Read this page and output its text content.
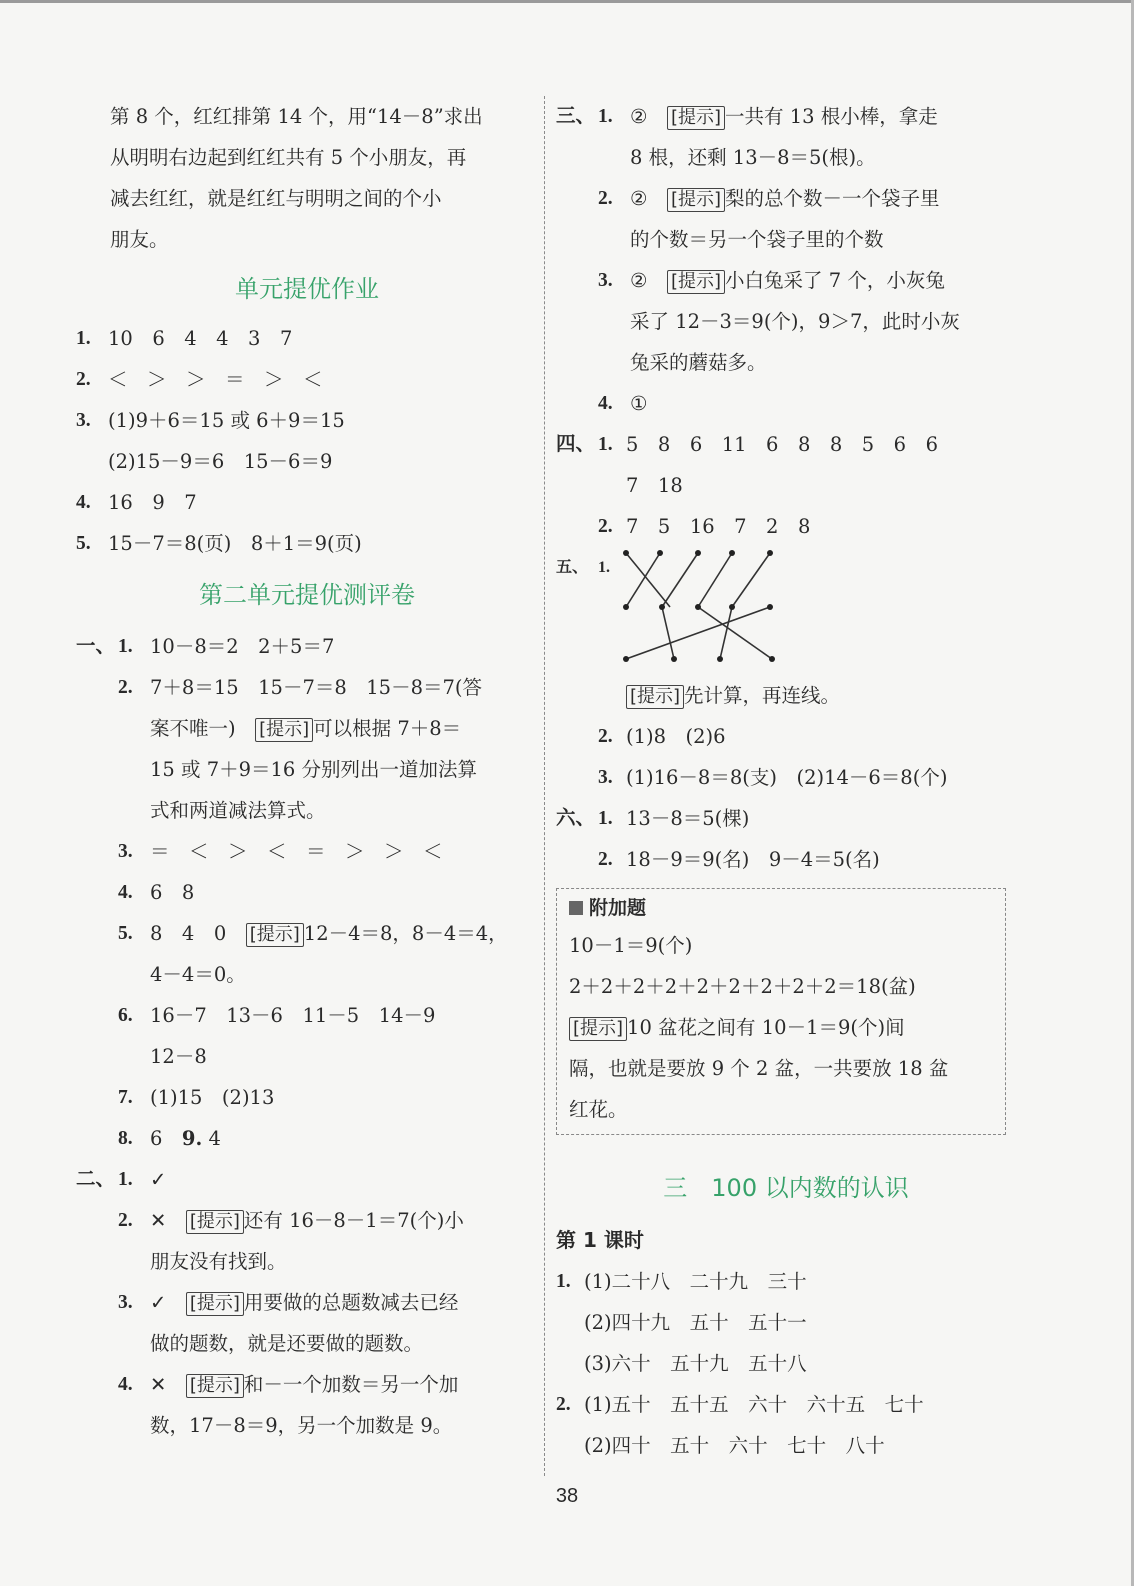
第 8 个，红红排第 14 个，用“14－8”求出
从明明右边起到红红共有 5 个小朋友，再
减去红红，就是红红与明明之间的个小
朋友。
单元提优作业
1. 10　6　4　4　3　7
2. ＜　＞　＞　＝　＞　＜
3. (1)9＋6＝15 或 6＋9＝15
(2)15－9＝6　15－6＝9
4. 16　9　7
5. 15－7＝8(页)　8＋1＝9(页)
第二单元提优测评卷
一、 1. 10－8＝2　2＋5＝7
2. 7＋8＝15　15－7＝8　15－8＝7(答
案不唯一)　[提示] 可以根据 7＋8＝
15 或 7＋9＝16 分别列出一道加法算
式和两道减法算式。
3. ＝　＜　＞　＜　＝　＞　＞　＜
4. 6　8
5. 8　4　0　[提示] 12－4＝8，8－4＝4，
4－4＝0。
6. 16－7　13－6　11－5　14－9
12－8
7. (1)15　(2)13
8. 6　9. 4
二、 1. ✓
2. ✕　[提示] 还有 16－8－1＝7(个)小
朋友没有找到。
3. ✓　[提示] 用要做的总题数减去已经
做的题数，就是还要做的题数。
4. ✕　[提示] 和－一个加数＝另一个加
数，17－8＝9，另一个加数是 9。
三、 1. ②　[提示] 一共有 13 根小棒，拿走
8 根，还剩 13－8＝5(根)。
2. ②　[提示] 梨的总个数－一个袋子里
的个数＝另一个袋子里的个数
3. ②　[提示] 小白兔采了 7 个，小灰兔
采了 12－3＝9(个)，9＞7，此时小灰
兔采的蘑菇多。
4. ①
四、 1. 5　8　6　11　6　8　8　5　6　6
7　18
2. 7　5　16　7　2　8
五、 1.
[提示] 先计算，再连线。
2. (1)8　(2)6
3. (1)16－8＝8(支)　(2)14－6＝8(个)
六、 1. 13－8＝5(棵)
2. 18－9＝9(名)　9－4＝5(名)
附加题
10－1＝9(个)
2＋2＋2＋2＋2＋2＋2＋2＋2＝18(盆)
[提示] 10 盆花之间有 10－1＝9(个)间
隔，也就是要放 9 个 2 盆，一共要放 18 盆
红花。
三　100 以内数的认识
第 1 课时
1. (1)二十八　二十九　三十
(2)四十九　五十　五十一
(3)六十　五十九　五十八
2. (1)五十　五十五　六十　六十五　七十
(2)四十　五十　六十　七十　八十
38
